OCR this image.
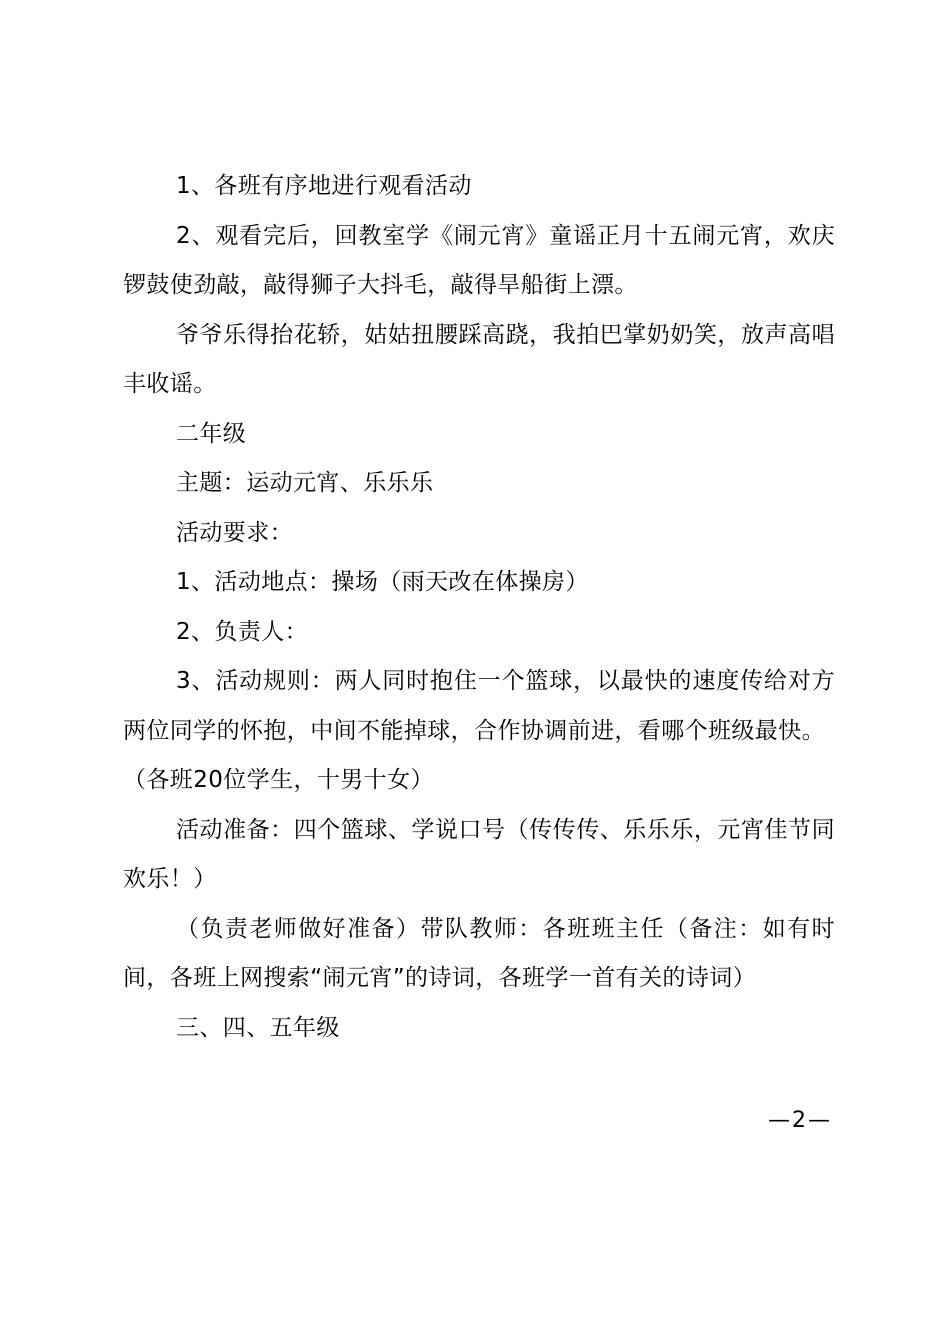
1、各班有序地进行观看活动

2、观看完后，回教室学《闹元宵》童谣正月十五闹元宵，欢庆锣鼓使劲敲，敲得狮子大抖毛，敲得旱船街上漂。

爷爷乐得抬花轿，姑姑扭腰踩高跷，我拍巴掌奶奶笑，放声高唱丰收谣。

二年级

主题：运动元宵、乐乐乐

活动要求：

1、活动地点：操场（雨天改在体操房）

2、负责人：

3、活动规则：两人同时抱住一个篮球，以最快的速度传给对方两位同学的怀抱，中间不能掉球，合作协调前进，看哪个班级最快。

（各班20位学生，十男十女）

活动准备：四个篮球、学说口号（传传传、乐乐乐，元宵佳节同欢乐！）

（负责老师做好准备）带队教师：各班班主任（备注：如有时间，各班上网搜索“闹元宵”的诗词，各班学一首有关的诗词）

三、四、五年级

—2—
